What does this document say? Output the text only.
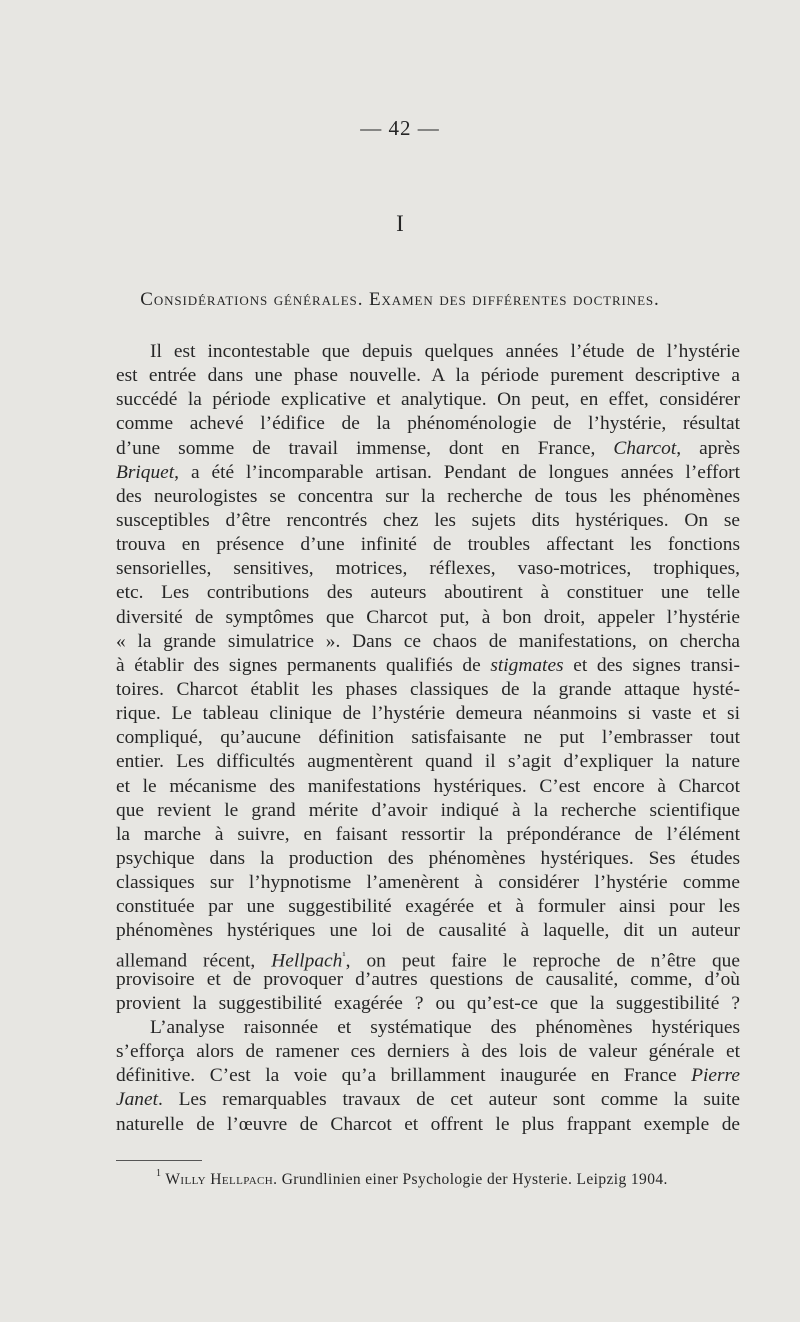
— 42 —
I
Considérations générales. Examen des différentes doctrines.
Il est incontestable que depuis quelques années l’étude de l’hystérie
est entrée dans une phase nouvelle. A la période purement descriptive a
succédé la période explicative et analytique. On peut, en effet, considérer
comme achevé l’édifice de la phénoménologie de l’hystérie, résultat
d’une somme de travail immense, dont en France, Charcot, après
Briquet, a été l’incomparable artisan. Pendant de longues années l’effort
des neurologistes se concentra sur la recherche de tous les phénomènes
susceptibles d’être rencontrés chez les sujets dits hystériques. On se
trouva en présence d’une infinité de troubles affectant les fonctions
sensorielles, sensitives, motrices, réflexes, vaso-motrices, trophiques,
etc. Les contributions des auteurs aboutirent à constituer une telle
diversité de symptômes que Charcot put, à bon droit, appeler l’hystérie
« la grande simulatrice ». Dans ce chaos de manifestations, on chercha
à établir des signes permanents qualifiés de stigmates et des signes transi-
toires. Charcot établit les phases classiques de la grande attaque hysté-
rique. Le tableau clinique de l’hystérie demeura néanmoins si vaste et si
compliqué, qu’aucune définition satisfaisante ne put l’embrasser tout
entier. Les difficultés augmentèrent quand il s’agit d’expliquer la nature
et le mécanisme des manifestations hystériques. C’est encore à Charcot
que revient le grand mérite d’avoir indiqué à la recherche scientifique
la marche à suivre, en faisant ressortir la prépondérance de l’élément
psychique dans la production des phénomènes hystériques. Ses études
classiques sur l’hypnotisme l’amenèrent à considérer l’hystérie comme
constituée par une suggestibilité exagérée et à formuler ainsi pour les
phénomènes hystériques une loi de causalité à laquelle, dit un auteur
allemand récent, Hellpach$^{^1}$, on peut faire le reproche de n’être que
provisoire et de provoquer d’autres questions de causalité, comme, d’où
provient la suggestibilité exagérée ? ou qu’est-ce que la suggestibilité ?
L’analyse raisonnée et systématique des phénomènes hystériques
s’efforça alors de ramener ces derniers à des lois de valeur générale et
définitive. C’est la voie qu’a brillamment inaugurée en France Pierre
Janet. Les remarquables travaux de cet auteur sont comme la suite
naturelle de l’œuvre de Charcot et offrent le plus frappant exemple de
$^1$ Willy Hellpach. Grundlinien einer Psychologie der Hysterie. Leipzig 1904.
